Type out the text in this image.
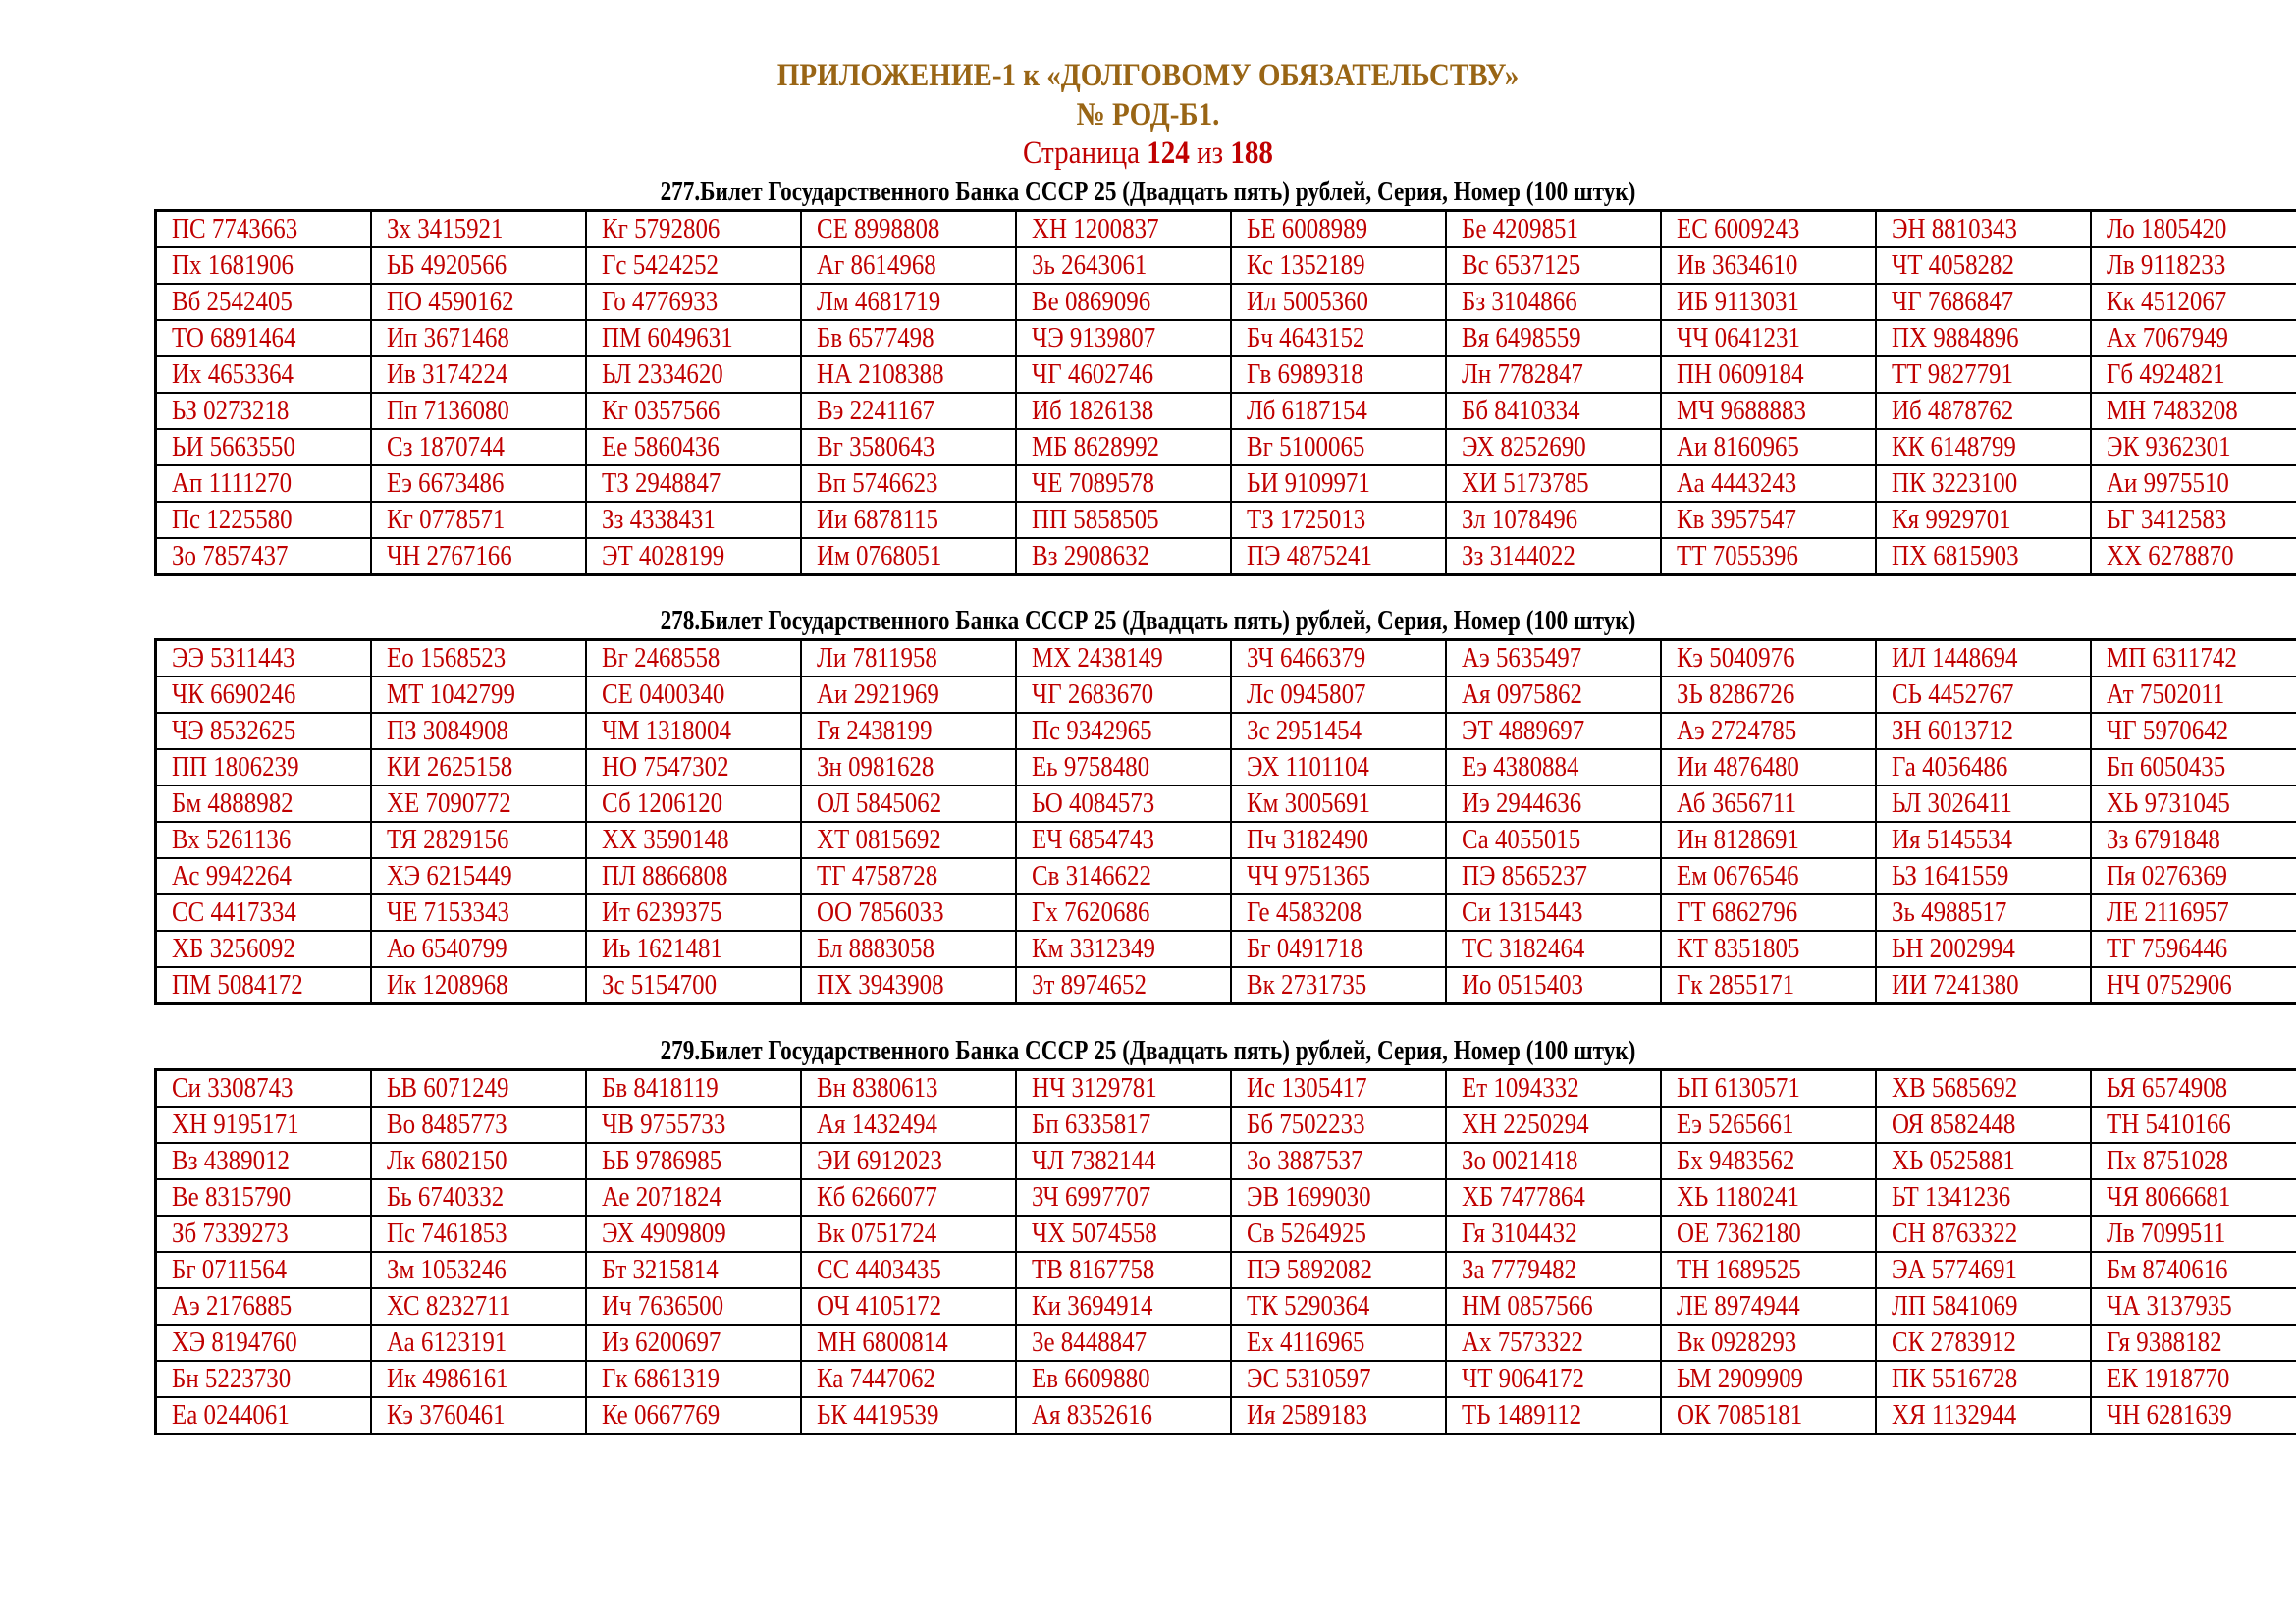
ПРИЛОЖЕНИЕ-1 к «ДОЛГОВОМУ ОБЯЗАТЕЛЬСТВУ»
№ РОД-Б1.
Страница 124 из 188
277.Билет Государственного Банка СССР 25 (Двадцать пять) рублей, Серия, Номер (100 штук)
ПС 7743663	Зх 3415921	Кг 5792806	СЕ 8998808	ХН 1200837	ЬЕ 6008989	Бе 4209851	ЕС 6009243	ЭН 8810343	Ло 1805420
Пх 1681906	ЬБ 4920566	Гс 5424252	Аг 8614968	Зь 2643061	Кс 1352189	Вс 6537125	Ив 3634610	ЧТ 4058282	Лв 9118233
Вб 2542405	ПО 4590162	Го 4776933	Лм 4681719	Ве 0869096	Ил 5005360	Бз 3104866	ИБ 9113031	ЧГ 7686847	Кк 4512067
ТО 6891464	Ип 3671468	ПМ 6049631	Бв 6577498	ЧЭ 9139807	Бч 4643152	Вя 6498559	ЧЧ 0641231	ПХ 9884896	Ах 7067949
Их 4653364	Ив 3174224	ЬЛ 2334620	НА 2108388	ЧГ 4602746	Гв 6989318	Лн 7782847	ПН 0609184	ТТ 9827791	Гб 4924821
ЬЗ 0273218	Пп 7136080	Кг 0357566	Вэ 2241167	Иб 1826138	Лб 6187154	Бб 8410334	МЧ 9688883	Иб 4878762	МН 7483208
ЬИ 5663550	Сз 1870744	Ее 5860436	Вг 3580643	МБ 8628992	Вг 5100065	ЭХ 8252690	Аи 8160965	КК 6148799	ЭК 9362301
Ап 1111270	Еэ 6673486	ТЗ 2948847	Вп 5746623	ЧЕ 7089578	ЬИ 9109971	ХИ 5173785	Аа 4443243	ПК 3223100	Аи 9975510
Пс 1225580	Кг 0778571	Зз 4338431	Ии 6878115	ПП 5858505	ТЗ 1725013	Зл 1078496	Кв 3957547	Кя 9929701	ЬГ 3412583
Зо 7857437	ЧН 2767166	ЭТ 4028199	Им 0768051	Вз 2908632	ПЭ 4875241	Зз 3144022	ТТ 7055396	ПХ 6815903	ХХ 6278870
278.Билет Государственного Банка СССР 25 (Двадцать пять) рублей, Серия, Номер (100 штук)
ЭЭ 5311443	Ео 1568523	Вг 2468558	Ли 7811958	МХ 2438149	ЗЧ 6466379	Аэ 5635497	Кэ 5040976	ИЛ 1448694	МП 6311742
ЧК 6690246	МТ 1042799	СЕ 0400340	Аи 2921969	ЧГ 2683670	Лс 0945807	Ая 0975862	ЗЬ 8286726	СЬ 4452767	Ат 7502011
ЧЭ 8532625	ПЗ 3084908	ЧМ 1318004	Гя 2438199	Пс 9342965	Зс 2951454	ЭТ 4889697	Аэ 2724785	ЗН 6013712	ЧГ 5970642
ПП 1806239	КИ 2625158	НО 7547302	Зн 0981628	Еь 9758480	ЭХ 1101104	Еэ 4380884	Ии 4876480	Га 4056486	Бп 6050435
Бм 4888982	ХЕ 7090772	Сб 1206120	ОЛ 5845062	ЬО 4084573	Км 3005691	Иэ 2944636	Аб 3656711	ЬЛ 3026411	ХЬ 9731045
Вх 5261136	ТЯ 2829156	ХХ 3590148	ХТ 0815692	ЕЧ 6854743	Пч 3182490	Са 4055015	Ин 8128691	Ия 5145534	Зз 6791848
Ас 9942264	ХЭ 6215449	ПЛ 8866808	ТГ 4758728	Св 3146622	ЧЧ 9751365	ПЭ 8565237	Ем 0676546	ЬЗ 1641559	Пя 0276369
СС 4417334	ЧЕ 7153343	Ит 6239375	ОО 7856033	Гх 7620686	Ге 4583208	Си 1315443	ГТ 6862796	Зь 4988517	ЛЕ 2116957
ХБ 3256092	Ао 6540799	Иь 1621481	Бл 8883058	Км 3312349	Бг 0491718	ТС 3182464	КТ 8351805	ЬН 2002994	ТГ 7596446
ПМ 5084172	Ик 1208968	Зс 5154700	ПХ 3943908	Зт 8974652	Вк 2731735	Ио 0515403	Гк 2855171	ИИ 7241380	НЧ 0752906
279.Билет Государственного Банка СССР 25 (Двадцать пять) рублей, Серия, Номер (100 штук)
Си 3308743	ЬВ 6071249	Бв 8418119	Вн 8380613	НЧ 3129781	Ис 1305417	Ет 1094332	ЬП 6130571	ХВ 5685692	ЬЯ 6574908
ХН 9195171	Во 8485773	ЧВ 9755733	Ая 1432494	Бп 6335817	Бб 7502233	ХН 2250294	Еэ 5265661	ОЯ 8582448	ТН 5410166
Вз 4389012	Лк 6802150	ЬБ 9786985	ЭИ 6912023	ЧЛ 7382144	Зо 3887537	Зо 0021418	Бх 9483562	ХЬ 0525881	Пх 8751028
Ве 8315790	Бь 6740332	Ае 2071824	Кб 6266077	ЗЧ 6997707	ЭВ 1699030	ХБ 7477864	ХЬ 1180241	ЬТ 1341236	ЧЯ 8066681
Зб 7339273	Пс 7461853	ЭХ 4909809	Вк 0751724	ЧХ 5074558	Св 5264925	Гя 3104432	ОЕ 7362180	СН 8763322	Лв 7099511
Бг 0711564	Зм 1053246	Бт 3215814	СС 4403435	ТВ 8167758	ПЭ 5892082	За 7779482	ТН 1689525	ЭА 5774691	Бм 8740616
Аэ 2176885	ХС 8232711	Ич 7636500	ОЧ 4105172	Ки 3694914	ТК 5290364	НМ 0857566	ЛЕ 8974944	ЛП 5841069	ЧА 3137935
ХЭ 8194760	Аа 6123191	Из 6200697	МН 6800814	Зе 8448847	Ех 4116965	Ах 7573322	Вк 0928293	СК 2783912	Гя 9388182
Бн 5223730	Ик 4986161	Гк 6861319	Ка 7447062	Ев 6609880	ЭС 5310597	ЧТ 9064172	ЬМ 2909909	ПК 5516728	ЕК 1918770
Еа 0244061	Кэ 3760461	Ке 0667769	ЬК 4419539	Ая 8352616	Ия 2589183	ТЬ 1489112	ОК 7085181	ХЯ 1132944	ЧН 6281639
